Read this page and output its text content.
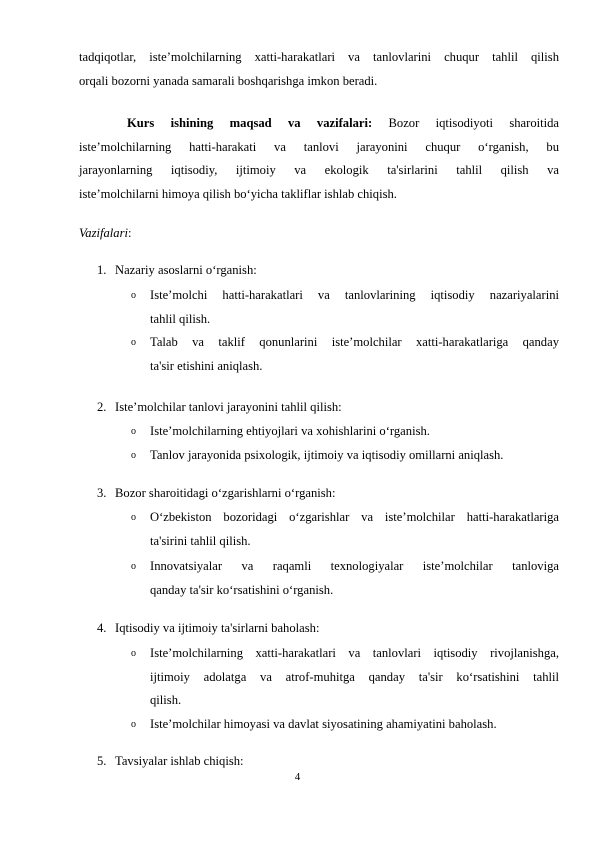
tadqiqotlar, iste’molchilarning xatti-harakatlari va tanlovlarini chuqur tahlil qilish
orqali bozorni yanada samarali boshqarishga imkon beradi.
Kurs ishining maqsad va vazifalari: Bozor iqtisodiyoti sharoitida
iste’molchilarning hatti-harakati va tanlovi jarayonini chuqur o‘rganish, bu
jarayonlarning iqtisodiy, ijtimoiy va ekologik ta'sirlarini tahlil qilish va
iste’molchilarni himoya qilish bo‘yicha takliflar ishlab chiqish.
Vazifalari:
1. Nazariy asoslarni o‘rganish:
o Iste’molchi hatti-harakatlari va tanlovlarining iqtisodiy nazariyalarini
tahlil qilish.
o Talab va taklif qonunlarini iste’molchilar xatti-harakatlariga qanday
ta'sir etishini aniqlash.
2. Iste’molchilar tanlovi jarayonini tahlil qilish:
o Iste’molchilarning ehtiyojlari va xohishlarini o‘rganish.
o Tanlov jarayonida psixologik, ijtimoiy va iqtisodiy omillarni aniqlash.
3. Bozor sharoitidagi o‘zgarishlarni o‘rganish:
o O‘zbekiston bozoridagi o‘zgarishlar va iste’molchilar hatti-harakatlariga
ta'sirini tahlil qilish.
o Innovatsiyalar va raqamli texnologiyalar iste’molchilar tanloviga
qanday ta'sir ko‘rsatishini o‘rganish.
4. Iqtisodiy va ijtimoiy ta'sirlarni baholash:
o Iste’molchilarning xatti-harakatlari va tanlovlari iqtisodiy rivojlanishga,
ijtimoiy adolatga va atrof-muhitga qanday ta'sir ko‘rsatishini tahlil
qilish.
o Iste’molchilar himoyasi va davlat siyosatining ahamiyatini baholash.
5. Tavsiyalar ishlab chiqish:
4
